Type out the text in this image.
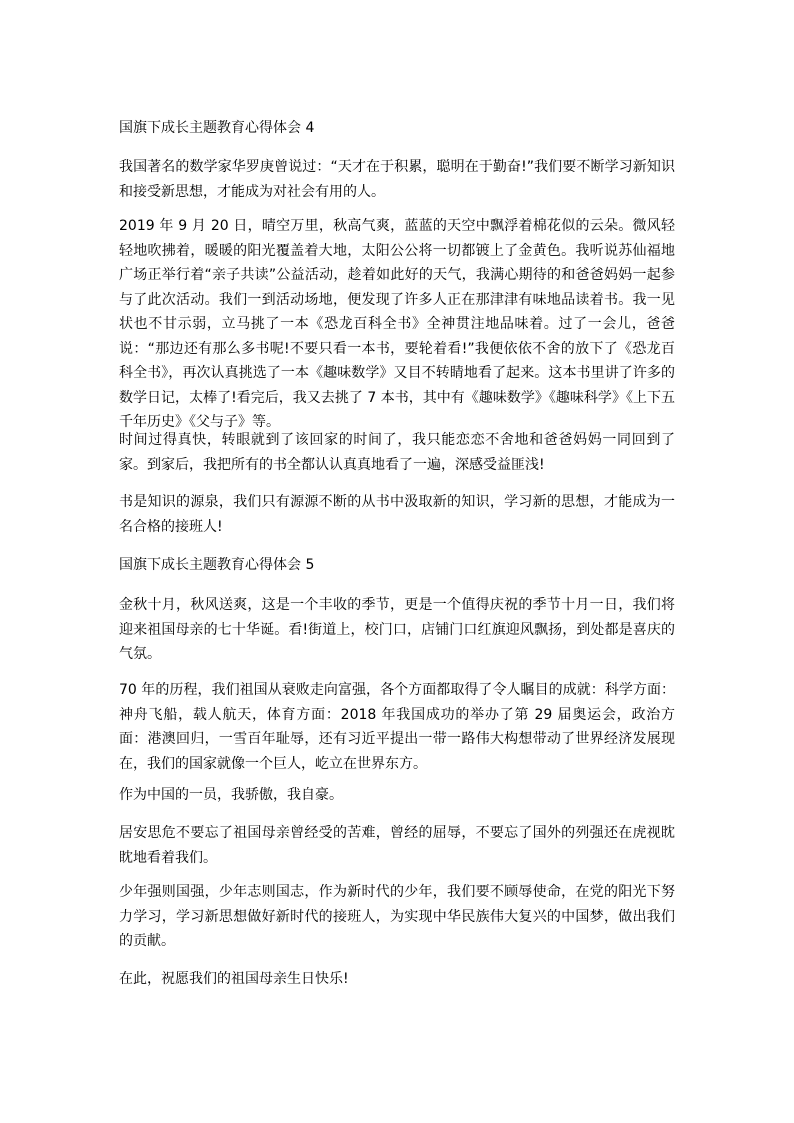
国旗下成长主题教育心得体会 4

我国著名的数学家华罗庚曾说过：“天才在于积累，聪明在于勤奋!”我们要不断学习新知识和接受新思想，才能成为对社会有用的人。

2019 年 9 月 20 日，晴空万里，秋高气爽，蓝蓝的天空中飘浮着棉花似的云朵。微风轻轻地吹拂着，暖暖的阳光覆盖着大地，太阳公公将一切都镀上了金黄色。我听说苏仙福地广场正举行着“亲子共读”公益活动，趁着如此好的天气，我满心期待的和爸爸妈妈一起参与了此次活动。我们一到活动场地，便发现了许多人正在那津津有味地品读着书。我一见状也不甘示弱，立马挑了一本《恐龙百科全书》全神贯注地品味着。过了一会儿，爸爸说：“那边还有那么多书呢!不要只看一本书，要轮着看!”我便依依不舍的放下了《恐龙百科全书》，再次认真挑选了一本《趣味数学》又目不转睛地看了起来。这本书里讲了许多的数学日记，太棒了!看完后，我又去挑了 7 本书，其中有《趣味数学》《趣味科学》《上下五千年历史》《父与子》等。

时间过得真快，转眼就到了该回家的时间了，我只能恋恋不舍地和爸爸妈妈一同回到了家。到家后，我把所有的书全都认认真真地看了一遍，深感受益匪浅!

书是知识的源泉，我们只有源源不断的从书中汲取新的知识，学习新的思想，才能成为一名合格的接班人!

国旗下成长主题教育心得体会 5

金秋十月，秋风送爽，这是一个丰收的季节，更是一个值得庆祝的季节十月一日，我们将迎来祖国母亲的七十华诞。看!街道上，校门口，店铺门口红旗迎风飘扬，到处都是喜庆的气氛。

70 年的历程，我们祖国从衰败走向富强，各个方面都取得了令人瞩目的成就：科学方面：神舟飞船，载人航天，体育方面：2018 年我国成功的举办了第 29 届奥运会，政治方面：港澳回归，一雪百年耻辱，还有习近平提出一带一路伟大构想带动了世界经济发展现在，我们的国家就像一个巨人，屹立在世界东方。

作为中国的一员，我骄傲，我自豪。

居安思危不要忘了祖国母亲曾经受的苦难，曾经的屈辱，不要忘了国外的列强还在虎视眈眈地看着我们。

少年强则国强，少年志则国志，作为新时代的少年，我们要不顾辱使命，在党的阳光下努力学习，学习新思想做好新时代的接班人，为实现中华民族伟大复兴的中国梦，做出我们的贡献。

在此，祝愿我们的祖国母亲生日快乐!
